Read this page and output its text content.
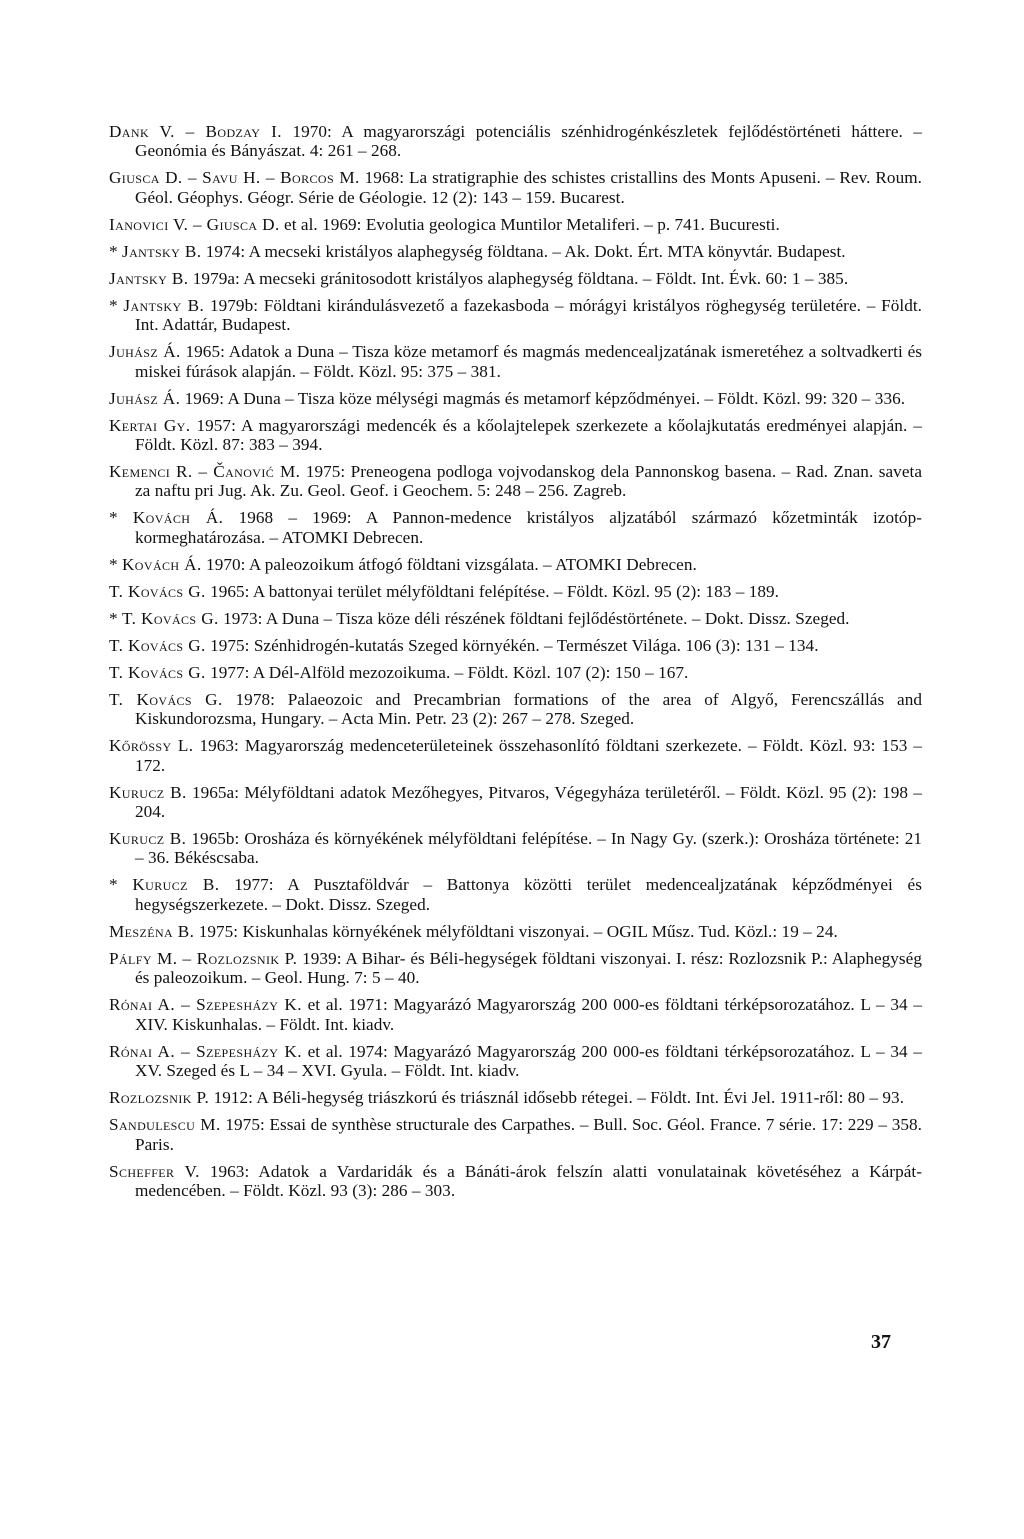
Dank V. – Bodzay I. 1970: A magyarországi potenciális szénhidrogénkészletek fejlődéstörténeti háttere. – Geonómia és Bányászat. 4: 261 – 268.

Giusca D. – Savu H. – Borcos M. 1968: La stratigraphie des schistes cristallins des Monts Apuseni. – Rev. Roum. Géol. Géophys. Géogr. Série de Géologie. 12 (2): 143 – 159. Bucarest.

Ianovici V. – Giusca D. et al. 1969: Evolutia geologica Muntilor Metaliferi. – p. 741. Bucuresti.

* Jantsky B. 1974: A mecseki kristályos alaphegység földtana. – Ak. Dokt. Ért. MTA könyvtár. Budapest.

Jantsky B. 1979a: A mecseki gránitosodott kristályos alaphegység földtana. – Földt. Int. Évk. 60: 1 – 385.

* Jantsky B. 1979b: Földtani kirándulásvezető a fazekasboda – mórágyi kristályos röghegység területére. – Földt. Int. Adattár, Budapest.

Juhász Á. 1965: Adatok a Duna – Tisza köze metamorf és magmás medencealjzatának ismeretéhez a soltvadkerti és miskei fúrások alapján. – Földt. Közl. 95: 375 – 381.

Juhász Á. 1969: A Duna – Tisza köze mélységi magmás és metamorf képződményei. – Földt. Közl. 99: 320 – 336.

Kertai Gy. 1957: A magyarországi medencék és a kőolajtelepek szerkezete a kőolajkutatás eredményei alapján. – Földt. Közl. 87: 383 – 394.

Kemenci R. – Čanović M. 1975: Preneogena podloga vojvodanskog dela Pannonskog basena. – Rad. Znan. saveta za naftu pri Jug. Ak. Zu. Geol. Geof. i Geochem. 5: 248 – 256. Zagreb.

* Kovách Á. 1968 – 1969: A Pannon-medence kristályos aljzatából származó kőzetminták izotóp-kormeghatározása. – ATOMKI Debrecen.

* Kovách Á. 1970: A paleozoikum átfogó földtani vizsgálata. – ATOMKI Debrecen.

T. Kovács G. 1965: A battonyai terület mélyföldtani felépítése. – Földt. Közl. 95 (2): 183 – 189.

* T. Kovács G. 1973: A Duna – Tisza köze déli részének földtani fejlődéstörténete. – Dokt. Dissz. Szeged.

T. Kovács G. 1975: Szénhidrogén-kutatás Szeged környékén. – Természet Világa. 106 (3): 131 – 134.

T. Kovács G. 1977: A Dél-Alföld mezozoikuma. – Földt. Közl. 107 (2): 150 – 167.

T. Kovács G. 1978: Palaeozoic and Precambrian formations of the area of Algyő, Ferencszállás and Kiskundorozsma, Hungary. – Acta Min. Petr. 23 (2): 267 – 278. Szeged.

Kőrössy L. 1963: Magyarország medenceterületeinek összehasonlító földtani szerkezete. – Földt. Közl. 93: 153 – 172.

Kurucz B. 1965a: Mélyföldtani adatok Mezőhegyes, Pitvaros, Végegyháza területéről. – Földt. Közl. 95 (2): 198 – 204.

Kurucz B. 1965b: Orosháza és környékének mélyföldtani felépítése. – In Nagy Gy. (szerk.): Orosháza története: 21 – 36. Békéscsaba.

* Kurucz B. 1977: A Pusztaföldvár – Battonya közötti terület medencealjzatának képződményei és hegységszerkezete. – Dokt. Dissz. Szeged.

Meszéna B. 1975: Kiskunhalas környékének mélyföldtani viszonyai. – OGIL Műsz. Tud. Közl.: 19 – 24.

Pálfy M. – Rozlozsnik P. 1939: A Bihar- és Béli-hegységek földtani viszonyai. I. rész: Rozlozsnik P.: Alaphegység és paleozoikum. – Geol. Hung. 7: 5 – 40.

Rónai A. – Szepesházy K. et al. 1971: Magyarázó Magyarország 200 000-es földtani térképsorozatához. L – 34 – XIV. Kiskunhalas. – Földt. Int. kiadv.

Rónai A. – Szepesházy K. et al. 1974: Magyarázó Magyarország 200 000-es földtani térképsorozatához. L – 34 – XV. Szeged és L – 34 – XVI. Gyula. – Földt. Int. kiadv.

Rozlozsnik P. 1912: A Béli-hegység triászkorú és triásznál idősebb rétegei. – Földt. Int. Évi Jel. 1911-ről: 80 – 93.

Sandulescu M. 1975: Essai de synthèse structurale des Carpathes. – Bull. Soc. Géol. France. 7 série. 17: 229 – 358. Paris.

Scheffer V. 1963: Adatok a Vardaridák és a Bánáti-árok felszín alatti vonulatainak követéséhez a Kárpát-medencében. – Földt. Közl. 93 (3): 286 – 303.

37
